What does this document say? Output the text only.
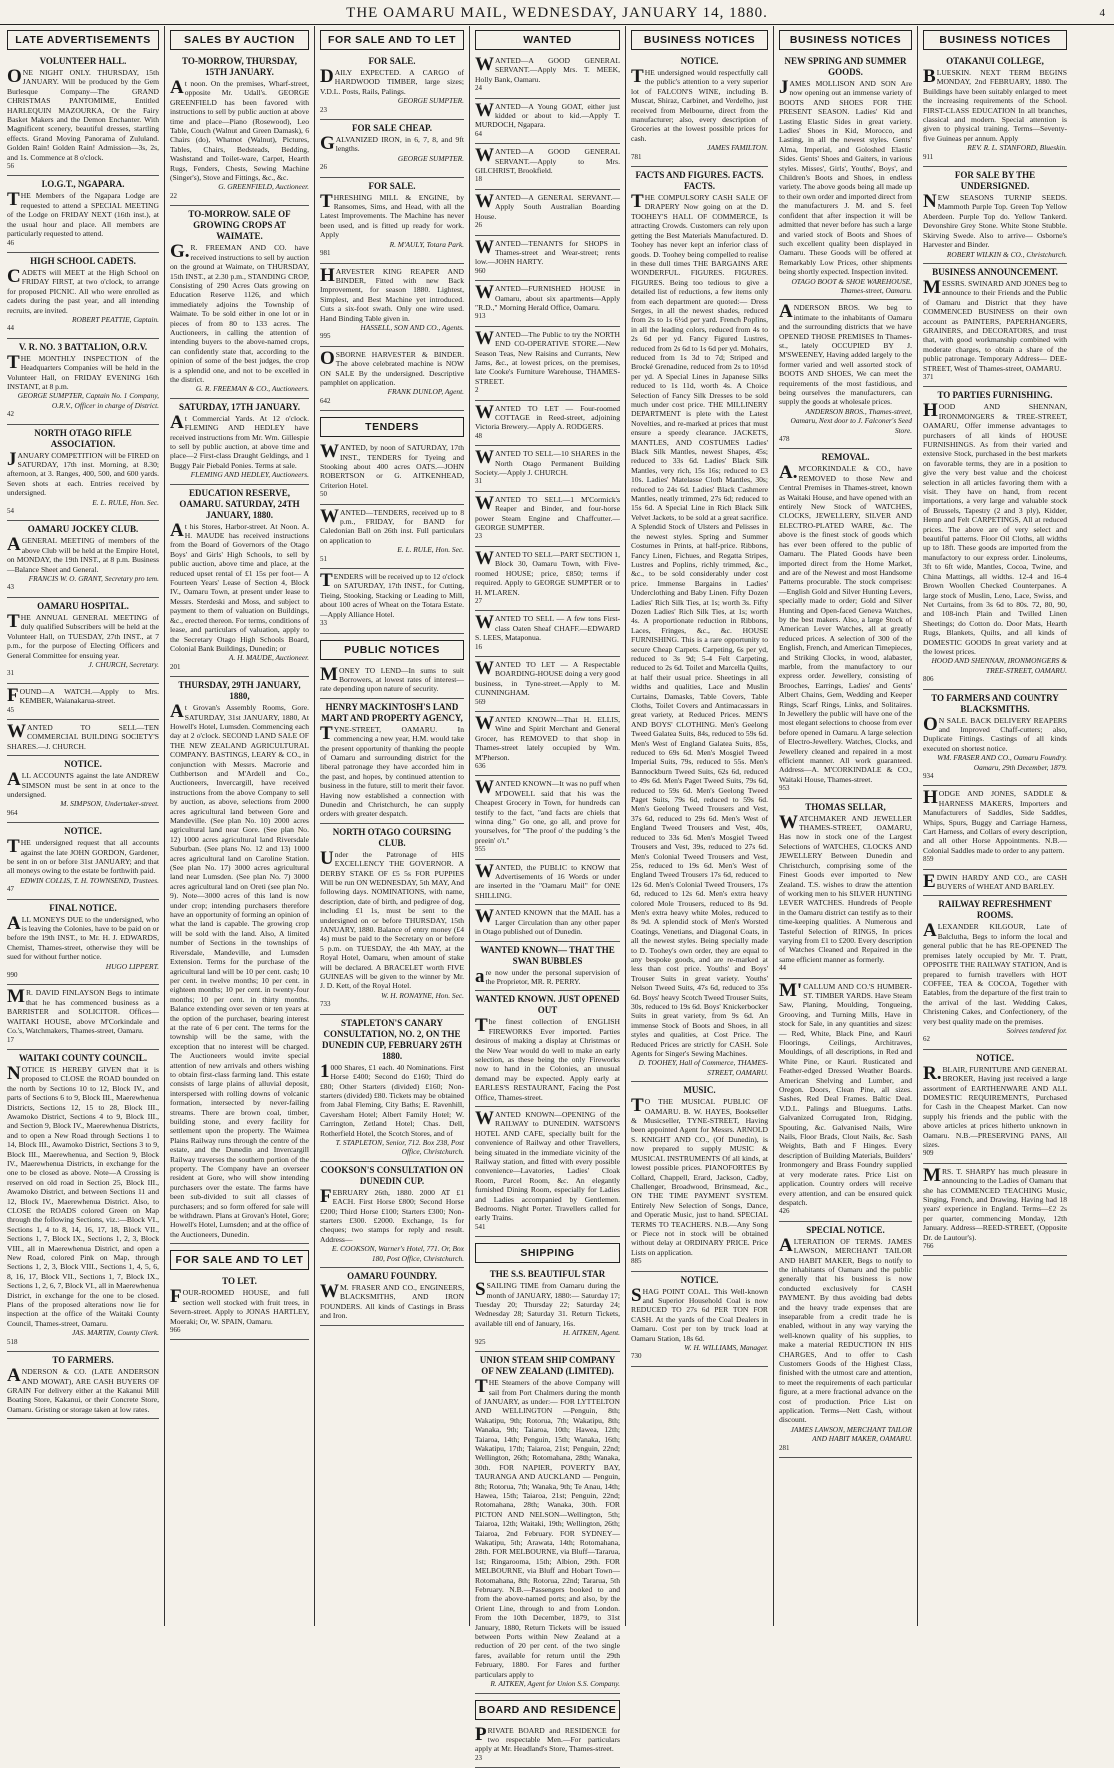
THE OAMARU MAIL, WEDNESDAY, JANUARY 14, 1880.	4
LATE ADVERTISEMENTS
VOLUNTEER HALL.
ONE NIGHT ONLY. THURSDAY, 15th JANUARY. Will be produced by the Gem Burlesque Company—The GRAND CHRISTMAS PANTOMIME, Entitled HARLEQUIN MAZOURKA, Or the Fairy Basket Makers and the Demon Enchanter. With Magnificent scenery, beautiful dresses, startling effects. Grand Moving Panorama of Zululand. Golden Rain! Golden Rain! Admission—3s, 2s, and 1s. Commence at 8 o'clock.
56
I.O.G.T., NGAPARA.
THE Members of the Ngapara Lodge are requested to attend a SPECIAL MEETING of the Lodge on FRIDAY NEXT (16th inst.), at the usual hour and place. All members are particularly requested to attend.
46
HIGH SCHOOL CADETS.
CADETS will MEET at the High School on FRIDAY FIRST, at two o'clock, to arrange for proposed PICNIC. All who were enrolled as cadets during the past year, and all intending recruits, are invited.
ROBERT PEATTIE, Captain.
44
V. R. NO. 3 BATTALION, O.R.V.
THE MONTHLY INSPECTION of the Headquarters Companies will be held in the Volunteer Hall, on FRIDAY EVENING 16th INSTANT, at 8 p.m.
GEORGE SUMPTER, Captain No. 1 Company, O.R.V., Officer in charge of District.
42
NORTH OTAGO RIFLE ASSOCIATION.
JANUARY COMPETITION will be FIRED on SATURDAY, 17th inst. Morning, at 8.30; afternoon, at 3. Ranges, 400, 500, and 600 yards. Seven shots at each. Entries received by undersigned.
E. L. RULE, Hon. Sec.
54
OAMARU JOCKEY CLUB.
AGENERAL MEETING of members of the above Club will be held at the Empire Hotel, on MONDAY, the 19th INST., at 8 p.m. Business—Balance Sheet and General.
FRANCIS W. O. GRANT, Secretary pro tem.
43
OAMARU HOSPITAL.
THE ANNUAL GENERAL MEETING of duly qualified Subscribers will be held at the Volunteer Hall, on TUESDAY, 27th INST., at 7 p.m., for the purpose of Electing Officers and General Committee for ensuing year.
J. CHURCH, Secretary.
31
FOUND—A WATCH.—Apply to Mrs. KEMBER, Waianakarua-street.
45
WANTED TO SELL—TEN COMMERCIAL BUILDING SOCIETY'S SHARES.—J. CHURCH.
NOTICE.
ALL ACCOUNTS against the late ANDREW SIMSON must be sent in at once to the undersigned.
M. SIMPSON, Undertaker-street.
964
NOTICE.
THE undersigned request that all accounts against the late JOHN GORDON, Gardener, be sent in on or before 31st JANUARY; and that all moneys owing to the estate be forthwith paid.
EDWIN COLLIS, T. H. TOWNSEND, Trustees.
47
FINAL NOTICE.
ALL MONEYS DUE to the undersigned, who is leaving the Colonies, have to be paid on or before the 19th INST., to Mr. H. J. EDWARDS, Chemist, Thames-street, otherwise they will be sued for without further notice.
HUGO LIPPERT.
990
MR. DAVID FINLAYSON Begs to intimate that he has commenced business as a BARRISTER and SOLICITOR. Offices—WAITAKI HOUSE, above M'Corkindale and Co.'s, Watchmakers, Thames-street, Oamaru.
17
WAITAKI COUNTY COUNCIL.
NOTICE IS HEREBY GIVEN that it is proposed to CLOSE the ROAD bounded on the north by Sections 10 to 12, Block IV., and parts of Sections 6 to 9, Block III., Maerewhenua Districts, Sections 12, 15 to 28, Block III., Awamoko District, Sections 4 to 9, Block III., and Section 9, Block IV., Maerewhenua Districts, and to open a New Road through Sections 1 to 14, Block III., Awamoko District, Sections 3 to 9, Block III., Maerewhenua, and Section 9, Block IV., Maerewhenua Districts, in exchange for the one to be closed as above. Note—A Crossing is reserved on old road in Section 25, Block III., Awamoko District, and between Sections 11 and 12, Block IV., Maerewhenua District. Also, to CLOSE the ROADS colored Green on Map through the following Sections, viz.:—Block VI., Sections 1, 4 to 8, 14, 16, 17, 18, Block VII., Sections 1, 7, Block IX., Sections 1, 2, 3, Block VIII., all in Maerewhenua District, and open a New Road, colored Pink on Map, through Sections 1, 2, 3, Block VIII., Sections 1, 4, 5, 6, 8, 16, 17, Block VII., Sections 1, 7, Block IX., Sections 1, 2, 6, 7, Block VI., all in Maerewhenua District, in exchange for the one to be closed. Plans of the proposed alterations now lie for inspection at the office of the Waitaki County Council, Thames-street, Oamaru.
JAS. MARTIN, County Clerk.
518
TO FARMERS.
ANDERSON & CO. (LATE ANDERSON AND MOWAT), ARE CASH BUYERS OF GRAIN For delivery either at the Kakanui Mill Boating Store, Kakanui, or their Concrete Store, Oamaru. Gristing or storage taken at low rates.
SALES BY AUCTION
TO-MORROW, THURSDAY, 15TH JANUARY.
At noon. On the premises, Wharf-street, opposite Mr. Udall's. GEORGE GREENFIELD has been favored with instructions to sell by public auction at above time and place—Piano (Rosewood), Leo Table, Couch (Walnut and Green Damask), 6 Chairs (do), Whatnot (Walnut), Pictures, Tables, Chairs, Bedsteads, Bedding, Washstand and Toilet-ware, Carpet, Hearth Rugs, Fenders, Chests, Sewing Machine (Singer's), Stove and Fittings, &c., &c.
G. GREENFIELD, Auctioneer.
22
TO-MORROW. SALE OF GROWING CROPS AT WAIMATE.
G.R. FREEMAN AND CO. have received instructions to sell by auction on the ground at Waimate, on THURSDAY, 15th INST., at 2.30 p.m., STANDING CROP, Consisting of 290 Acres Oats growing on Education Reserve 1126, and which immediately adjoins the Township of Waimate. To be sold either in one lot or in pieces of from 80 to 133 acres. The Auctioneers, in calling the attention of intending buyers to the above-named crops, can confidently state that, according to the opinion of some of the best judges, the crop is a splendid one, and not to be excelled in the district.
G. R. FREEMAN & CO., Auctioneers.
SATURDAY, 17TH JANUARY.
At Commercial Yards. At 12 o'clock. FLEMING AND HEDLEY have received instructions from Mr. Wm. Gillespie to sell by public auction, at above time and place—2 First-class Draught Geldings, and 1 Buggy Pair Piebald Ponies. Terms at sale.
FLEMING AND HEDLEY, Auctioneers.
EDUCATION RESERVE, OAMARU. SATURDAY, 24TH JANUARY, 1880.
At his Stores, Harbor-street. At Noon. A. H. MAUDE has received instructions from the Board of Governors of the Otago Boys' and Girls' High Schools, to sell by public auction, above time and place, at the reduced upset rental of £1 15s per foot— A Fourteen Years' Lease of Section 4, Block IV., Oamaru Town, at present under lease to Messrs. Sterdeski and Moss, and subject to payment to them of valuation on Buildings, &c., erected thereon. For terms, conditions of lease, and particulars of valuation, apply to the Secretary Otago High Schools Board, Colonial Bank Buildings, Dunedin; or
A. H. MAUDE, Auctioneer.
201
THURSDAY, 29TH JANUARY, 1880,
At Grovan's Assembly Rooms, Gore. SATURDAY, 31st JANUARY, 1880, At Howell's Hotel, Lumsden. Commencing each day at 2 o'clock. SECOND LAND SALE OF THE NEW ZEALAND AGRICULTURAL COMPANY. BASTINGS, LEARY & CO., in conjunction with Messrs. Macrorie and Cuthbertson and M'Ardell and Co., Auctioneers, Invercargill, have received instructions from the above Company to sell by auction, as above, selections from 2000 acres agricultural land between Gore and Mandeville. (See plan No. 10) 2000 acres agricultural land near Gore. (See plan No. 12) 1000 acres agricultural land Riversdale Suburban. (See plans No. 12 and 13) 1000 acres agricultural land on Caroline Station. (See plan No. 17) 3000 acres agricultural land near Lumsden. (See plan No. 7) 3000 acres agricultural land on Oreti (see plan No. 9). Note—3000 acres of this land is now under crop; intending purchasers therefore have an opportunity of forming an opinion of what the land is capable. The growing crop will be sold with the land. Also, A limited number of Sections in the townships of Riversdale, Mandeville, and Lumsden Extension. Terms for the purchase of the agricultural land will be 10 per cent. cash; 10 per cent. in twelve months; 10 per cent. in eighteen months; 10 per cent. in twenty-four months; 10 per cent. in thirty months. Balance extending over seven or ten years at the option of the purchaser, bearing interest at the rate of 6 per cent. The terms for the township will be the same, with the exception that no interest will be charged. The Auctioneers would invite special attention of new arrivals and others wishing to obtain first-class farming land. This estate consists of large plains of alluvial deposit, interspersed with rolling downs of volcanic formation, intersected by never-failing streams. There are brown coal, timber, building stone, and every facility for settlement upon the property. The Waimea Plains Railway runs through the centre of the estate, and the Dunedin and Invercargill Railway traverses the southern portion of the property. The Company have an overseer resident at Gore, who will show intending purchasers over the estate. The farms have been sub-divided to suit all classes of purchasers; and so form offered for sale will be withdrawn. Plans at Grovan's Hotel, Gore; Howell's Hotel, Lumsden; and at the office of the Auctioneers, Dunedin.
FOR SALE AND TO LET
TO LET.
FOUR-ROOMED HOUSE, and full section well stocked with fruit trees, in Severn-street. Apply to JONAS HARTLEY, Moeraki; Or, W. SPAIN, Oamaru.
966
FOR SALE AND TO LET
FOR SALE.
DAILY EXPECTED. A CARGO of HARDWOOD TIMBER, large sizes; V.D.L. Posts, Rails, Palings.
GEORGE SUMPTER.
23
FOR SALE CHEAP.
GALVANIZED IRON, in 6, 7, 8, and 9ft lengths.
GEORGE SUMPTER.
26
FOR SALE.
THRESHING MILL & ENGINE, by Ransomes, Sims, and Head, with all the Latest Improvements. The Machine has never been used, and is fitted up ready for work. Apply
R. M'AULY, Totara Park.
981
HARVESTER KING REAPER AND BINDER, Fitted with new Back Improvement, for season 1880. Lightest, Simplest, and Best Machine yet introduced. Cuts a six-foot swath. Only one wire used. Hand Binding Table given in.
HASSELL, SON AND CO., Agents.
995
OSBORNE HARVESTER & BINDER. The above celebrated machine is NOW ON SALE By the undersigned. Descriptive pamphlet on application.
FRANK DUNLOP, Agent.
642
TENDERS
WANTED, by noon of SATURDAY, 17th INST., TENDERS for Tyeing and Stooking about 400 acres OATS.—JOHN ROBERTSON or G. AITKENHEAD, Criterion Hotel.
50
WANTED—TENDERS, received up to 8 p.m., FRIDAY, for BAND for Caledonian Ball on 26th inst. Full particulars on application to
E. L. RULE, Hon. Sec.
51
TENDERS will be received up to 12 o'clock on SATURDAY, 17th INST., for Cutting, Tieing, Stooking, Stacking or Leading to Mill, about 100 acres of Wheat on the Totara Estate.—Apply Alliance Hotel.
33
PUBLIC NOTICES
MONEY TO LEND—In sums to suit Borrowers, at lowest rates of interest—rate depending upon nature of security.
HENRY MACKINTOSH'S LAND MART AND PROPERTY AGENCY,
TYNE-STREET, OAMARU. In commencing a new year, H.M. would take the present opportunity of thanking the people of Oamaru and surrounding district for the liberal patronage they have accorded him in the past, and hopes, by continued attention to business in the future, still to merit their favor. Having now established a connection with Dunedin and Christchurch, he can supply orders with greater despatch.
NORTH OTAGO COURSING CLUB.
Under the Patronage of HIS EXCELLENCY THE GOVERNOR. A DERBY STAKE OF £5 5s FOR PUPPIES Will be run ON WEDNESDAY, 5th MAY, And following days. NOMINATIONS, with name, description, date of birth, and pedigree of dog, including £1 1s, must be sent to the undersigned on or before THURSDAY, 15th JANUARY, 1880. Balance of entry money (£4 4s) must be paid to the Secretary on or before 5 p.m. on TUESDAY, the 4th MAY, at the Royal Hotel, Oamaru, when amount of stake will be declared. A BRACELET worth FIVE GUINEAS will be given to the winner by Mr. J. D. Kett, of the Royal Hotel.
W. H. RONAYNE, Hon. Sec.
733
STAPLETON'S CANARY CONSULTATION, NO. 2, ON THE DUNEDIN CUP, FEBRUARY 26TH 1880.
1000 Shares, £1 each. 40 Nominations. First Horse £400; Second do £160; Third do £80; Other Starters (divided) £160; Non-starters (divided) £80. Tickets may be obtained from Jabal Fleming, City Baths; E. Ravenhill, Caversham Hotel; Albert Family Hotel; W. Carrington, Zetland Hotel; Chas. Dell, Rotherfield Hotel, the Scotch Stores, and of
T. STAPLETON, Senior, 712. Box 238, Post Office, Christchurch.
COOKSON'S CONSULTATION ON DUNEDIN CUP.
FEBRUARY 26th, 1880. 2000 AT £1 EACH. First Horse £800; Second Horse £200; Third Horse £100; Starters £300; Non-starters £300. £2000. Exchange, 1s for cheques; two stamps for reply and result. Address—
E. COOKSON, Warner's Hotel, 771. Or, Box 180, Post Office, Christchurch.
OAMARU FOUNDRY.
WM. FRASER AND CO., ENGINEERS, BLACKSMITHS, AND IRON FOUNDERS. All kinds of Castings in Brass and Iron.
WANTED
WANTED—A GOOD GENERAL SERVANT.—Apply Mrs. T. MEEK, Holly Bank, Oamaru.
24
WANTED—A Young GOAT, either just kidded or about to kid.—Apply T. MURDOCH, Ngapara.
64
WANTED—A GOOD GENERAL SERVANT.—Apply to Mrs. GILCHRIST, Brookfield.
18
WANTED—A GENERAL SERVANT.—Apply South Australian Boarding House.
26
WANTED—TENANTS for SHOPS in Thames-street and Wear-street; rents low.—JOHN HARTY.
960
WANTED—FURNISHED HOUSE in Oamaru, about six apartments—Apply "R.D.," Morning Herald Office, Oamaru.
913
WANTED—The Public to try the NORTH END CO-OPERATIVE STORE.—New Season Teas, New Raisins and Currants, New Jams, &c., at lowest prices, on the premises, late Cooke's Furniture Warehouse, THAMES-STREET.
2
WANTED TO LET — Four-roomed COTTAGE in Reed-street, adjoining Victoria Brewery.—Apply A. RODGERS.
48
WANTED TO SELL—10 SHARES in the North Otago Permanent Building Society.—Apply J. CHURCH.
31
WANTED TO SELL—1 M'Cormick's Reaper and Binder, and four-horse power Steam Engine and Chaffcutter.—GEORGE SUMPTER.
23
WANTED TO SELL—PART SECTION 1, Block 30, Oamaru Town, with Five-roomed HOUSE; price, £850; terms if required. Apply to GEORGE SUMPTER or to H. M'LAREN.
27
WANTED TO SELL — A few tons First-class Oaten Sheaf CHAFF.—EDWARD S. LEES, Mataponua.
16
WANTED TO LET — A Respectable BOARDING-HOUSE doing a very good business, in Tyne-street.—Apply to M. CUNNINGHAM.
569
WANTED KNOWN—That H. ELLIS, Wine and Spirit Merchant and General Grocer, has REMOVED to that shop in Thames-street lately occupied by Wm. M'Pherson.
636
WANTED KNOWN—It was no puff when M'DOWELL said that his was the Cheapest Grocery in Town, for hundreds can testify to the fact, "and facts are chiels that winna ding." Go one, go all, and prove for yourselves, for "The proof o' the pudding 's the preein' o't."
955
WANTED, the PUBLIC to KNOW that Advertisements of 16 Words or under are inserted in the "Oamaru Mail" for ONE SHILLING.
WANTED KNOWN that the MAIL has a Larger Circulation than any other paper in Otago published out of Dunedin.
WANTED KNOWN— THAT THE SWAN BUBBLES
are now under the personal supervision of the Proprietor, MR. R. PERRY.
WANTED KNOWN. JUST OPENED OUT
The finest collection of ENGLISH FIREWORKS Ever imported. Parties desirous of making a display at Christmas or the New Year would do well to make an early selection, as these being the only Fireworks now to hand in the Colonies, an unusual demand may be expected. Apply early at EARLES'S RESTAURANT, Facing the Post Office, Thames-street.
WANTED KNOWN—OPENING of the RAILWAY to DUNEDIN. WATSON'S HOTEL AND CAFE, specially built for the convenience of Railway and other Travellers, being situated in the immediate vicinity of the Railway station, and fitted with every possible convenience—Lavatories, Ladies' Cloak Room, Parcel Room, &c. An elegantly furnished Dining Room, especially for Ladies and Ladies accompanied by Gentlemen. Bedrooms. Night Porter. Travellers called for early Trains.
541
SHIPPING
THE S.S. BEAUTIFUL STAR
SSAILING TIME from Oamaru during the month of JANUARY, 1880:— Saturday 17; Tuesday 20; Thursday 22; Saturday 24; Wednesday 28; Saturday 31. Return Tickets, available till end of January, 16s.
H. AITKEN, Agent.
925
UNION STEAM SHIP COMPANY OF NEW ZEALAND (LIMITED).
THE Steamers of the above Company will sail from Port Chalmers during the month of JANUARY, as under:— FOR LYTTELTON AND WELLINGTON —Penguin, 8th; Wakatipu, 9th; Rotorua, 7th; Wakatipu, 8th; Wanaka, 9th; Taiaroa, 10th; Hawea, 12th; Taiaroa, 14th; Penguin, 15th; Wanaka, 16th; Wakatipu, 17th; Taiaroa, 21st; Penguin, 22nd; Wellington, 26th; Rotomahana, 28th; Wanaka, 30th. FOR NAPIER, POVERTY BAY, TAURANGA AND AUCKLAND — Penguin, 8th; Rotorua, 7th; Wanaka, 9th; Te Anau, 14th; Hawea, 15th; Taiaroa, 21st; Penguin, 22nd; Rotomahana, 28th; Wanaka, 30th. FOR PICTON AND NELSON—Wellington, 5th; Taiaroa, 12th; Waitaki, 19th; Wellington, 26th; Taiaroa, 2nd February. FOR SYDNEY—Wakatipu, 5th; Arawata, 14th; Rotomahana, 28th. FOR MELBOURNE, via Bluff—Tararua, 1st; Ringarooma, 15th; Albion, 29th. FOR MELBOURNE, via Bluff and Hobart Town—Rotomahana, 8th; Rotorua, 22nd; Tararua, 5th February. N.B.—Passengers booked to and from the above-named ports; and also, by the Orient Line, through to and from London. From the 10th December, 1879, to 31st January, 1880, Return Tickets will be issued between Ports within New Zealand at a reduction of 20 per cent. of the two single fares, available for return until the 29th February, 1880. For Fares and further particulars apply to
R. AITKEN, Agent for Union S.S. Company.
BOARD AND RESIDENCE
PRIVATE BOARD and RESIDENCE for two respectable Men.—For particulars apply at Mr. Headland's Store, Thames-street.
23
BUSINESS NOTICES
NOTICE.
THE undersigned would respectfully call the public's attention to a very superior lot of FALCON'S WINE, including B. Muscat, Shiraz, Carbinet, and Verdelho, just received from Melbourne, direct from the manufacturer; also, every description of Groceries at the lowest possible prices for cash.
JAMES FAMILTON.
781
FACTS AND FIGURES. FACTS. FACTS.
THE COMPULSORY CASH SALE OF DRAPERY Now going on at the D. TOOHEY'S HALL OF COMMERCE, Is attracting Crowds. Customers can rely upon getting the Best Materials Manufactured. D. Toohey has never kept an inferior class of goods. D. Toohey being compelled to realise in these dull times THE BARGAINS ARE WONDERFUL. FIGURES. FIGURES. FIGURES. Being too tedious to give a detailed list of reductions, a few items only from each department are quoted:— Dress Serges, in all the newest shades, reduced from 2s to 1s 6½d per yard. French Poplins, in all the leading colors, reduced from 4s to 2s 6d per yd. Fancy Figured Lustres, reduced from 2s 6d to 1s 6d per yd. Mohairs, reduced from 1s 3d to 7d; Striped and Brocké Grenadine, reduced from 2s to 10½d per yd. A Special Lines in Japanese Silks reduced to 1s 11d, worth 4s. A Choice Selection of Fancy Silk Dresses to be sold much under cost price. THE MILLINERY DEPARTMENT is plete with the Latest Novelties, and re-marked at prices that must ensure a speedy clearance. JACKETS, MANTLES, AND COSTUMES Ladies' Black Silk Mantles, newest Shapes, 45s; reduced to 33s 6d. Ladies' Black Silk Mantles, very rich, 15s 16s; reduced to £3 10s. Ladies' Matelasse Cloth Mantles, 30s; reduced to 24s 6d. Ladies' Black Cashmere Mantles, neatly trimmed, 27s 6d; reduced to 15s 6d. A Special Line in Rich Black Silk Velvet Jackets, to be sold at a great sacrifice. A Splendid Stock of Ulsters and Pelisses in the newest styles. Spring and Summer Costumes in Prints, at half-price. Ribbons, Fancy Linen, Fichues, and Regatta Stripes, Lustres and Poplins, richly trimmed, &c., &c., to be sold considerably under cost price. Immense Bargains in Ladies' Underclothing and Baby Linen. Fifty Dozen Ladies' Rich Silk Ties, at 1s; worth 3s. Fifty Dozen Ladies' Rich Silk Ties, at 1s; worth 4s. A proportionate reduction in Ribbons, Laces, Fringes, &c., &c. HOUSE FURNISHING. This is a rare opportunity to secure Cheap Carpets. Carpeting, 6s per yd, reduced to 3s 9d; 5-4 Felt Carpeting, reduced to 2s 6d. Toilet and Marcella Quilts, at half their usual price. Sheetings in all widths and qualities, Lace and Muslin Curtains, Damasks, Table Covers, Table Cloths, Toilet Covers and Antimacassars in great variety, at Reduced Prices. MEN'S AND BOYS' CLOTHING. Men's Geelong Tweed Galatea Suits, 84s, reduced to 59s 6d. Men's West of England Galatea Suits, 85s, reduced to 69s 6d. Men's Mosgiel Tweed Imperial Suits, 79s, reduced to 55s. Men's Bannockburn Tweed Suits, 62s 6d, reduced to 49s 6d. Men's Paget Tweed Suits, 79s 6d, reduced to 59s 6d. Men's Geelong Tweed Paget Suits, 79s 6d, reduced to 59s 6d. Men's Geelong Tweed Trousers and Vest, 37s 6d, reduced to 29s 6d. Men's West of England Tweed Trousers and Vest, 40s, reduced to 33s 6d. Men's Mosgiel Tweed Trousers and Vest, 39s, reduced to 27s 6d. Men's Colonial Tweed Trousers and Vest, 25s, reduced to 19s 6d. Men's West of England Tweed Trousers 17s 6d, reduced to 12s 6d. Men's Colonial Tweed Trousers, 17s 6d, reduced to 12s 6d. Men's extra heavy colored Mole Trousers, reduced to 8s 9d. Men's extra heavy white Moles, reduced to 8s 9d. A splendid stock of Men's Worsted Coatings, Venetians, and Diagonal Coats, in all the newest styles. Being specially made to D. Toohey's own order, they are equal to any bespoke goods, and are re-marked at less than cost price. Youths' and Boys' Trouser Suits in great variety. Youths' Nelson Tweed Suits, 47s 6d, reduced to 35s 6d. Boys' heavy Scotch Tweed Trouser Suits, 30s, reduced to 19s 6d. Boys' Knickerbocker Suits in great variety, from 9s 6d. An immense Stock of Boots and Shoes, in all styles and qualities, at Cost Price. The Reduced Prices are strictly for CASH. Sole Agents for Singer's Sewing Machines.
D. TOOHEY, Hall of Commerce, THAMES-STREET, OAMARU.
MUSIC.
TO THE MUSICAL PUBLIC OF OAMARU. B. W. HAYES, Bookseller & Musicseller, TYNE-STREET, Having been appointed Agent for Messrs. ARNOLD S. KNIGHT AND CO., (Of Dunedin), is now prepared to supply MUSIC & MUSICAL INSTRUMENTS Of all kinds, at lowest possible prices. PIANOFORTES By Collard, Chappell, Erard, Jackson, Cadby, Challenger, Broadwood, Brinsmead, &c., ON THE TIME PAYMENT SYSTEM. Entirely New Selection of Songs, Dance, and Operatic Music, just to hand. SPECIAL TERMS TO TEACHERS. N.B.—Any Song or Piece not in stock will be obtained without delay at ORDINARY PRICE. Price Lists on application.
885
NOTICE.
SHAG POINT COAL. This Well-known and Superior Household Coal is now REDUCED TO 27s 6d PER TON FOR CASH. At the yards of the Coal Dealers in Oamaru. Cost per ton by truck load at Oamaru Station, 18s 6d.
W. H. WILLIAMS, Manager.
730
BUSINESS NOTICES
NEW SPRING AND SUMMER GOODS.
JAMES MOLLISON AND SON Are now opening out an immense variety of BOOTS AND SHOES FOR THE PRESENT SEASON. Ladies' Kid and Lasting Elastic Sides in great variety. Ladies' Shoes in Kid, Morocco, and Lasting, in all the newest styles. Gents' Alma, Imperial, and Goloshed Elastic Sides. Gents' Shoes and Gaiters, in various styles. Misses', Girls', Youths', Boys', and Children's Boots and Shoes, in endless variety. The above goods being all made up to their own order and imported direct from the manufacturers J. M. and S. feel confident that after inspection it will be admitted that never before has such a large and varied stock of Boots and Shoes of such excellent quality been displayed in Oamaru. These Goods will be offered at Remarkably Low Prices, other shipments being shortly expected. Inspection invited.
OTAGO BOOT & SHOE WAREHOUSE, Thames-street, Oamaru.
ANDERSON BROS. We beg to intimate to the inhabitants of Oamaru and the surrounding districts that we have OPENED THOSE PREMISES In Thames-st., lately OCCUPIED BY J. M'SWEENEY, Having added largely to the former varied and well assorted stock of BOOTS AND SHOES, We can meet the requirements of the most fastidious, and being ourselves the manufacturers, can supply the goods at wholesale prices.
ANDERSON BROS., Thames-street, Oamaru, Next door to J. Falconer's Seed Store.
478
REMOVAL.
A.M'CORKINDALE & CO., have REMOVED to those New and Central Premises in Thames-street, known as Waitaki House, and have opened with an entirely New Stock of WATCHES, CLOCKS, JEWELLERY, SILVER AND ELECTRO-PLATED WARE, &c. The above is the finest stock of goods which has ever been offered to the public of Oamaru. The Plated Goods have been imported direct from the Home Market, and are of the Newest and most Handsome Patterns procurable. The stock comprises:—English Gold and Silver Hunting Levers, specially made to order; Gold and Silver Hunting and Open-faced Geneva Watches, by the best makers. Also, a large Stock of American Lever Watches, all at greatly reduced prices. A selection of 300 of the English, French, and American Timepieces, and Striking Clocks, in wood, alabaster, marble, from the manufactory to our express order. Jewellery, consisting of Brooches, Earrings, Ladies' and Gents' Albert Chains, Gem, Wedding and Keeper Rings, Scarf Rings, Links, and Solitaires. In Jewellery the public will have one of the most elegant selections to choose from ever before opened in Oamaru. A large selection of Electro-Jewellery. Watches, Clocks, and Jewellery cleaned and repaired in a most efficient manner. All work guaranteed. Address—A. M'CORKINDALE & CO., Waitaki House, Thames-street.
953
THOMAS SELLAR,
WATCHMAKER AND JEWELLER THAMES-STREET, OAMARU, Has now in stock one of the Largest Selections of WATCHES, CLOCKS AND JEWELLERY Between Dunedin and Christchurch, comprising some of the Finest Goods ever imported to New Zealand. T.S. wishes to draw the attention of working men to his SILVER HUNTING LEVER WATCHES. Hundreds of People in the Oamaru district can testify as to their time-keeping qualities. A Numerous and Tasteful Selection of RINGS, In prices varying from £1 to £200. Every description of Watches Cleaned and Repaired in the same efficient manner as formerly.
44
M'CALLUM AND CO.'S HUMBER-ST. TIMBER YARDS. Have Steam Saw, Planing, Moulding, Tongueing, Grooving, and Turning Mills, Have in stock for Sale, in any quantities and sizes:— Red, White, Black Pine, and Kauri Floorings, Ceilings, Architraves, Mouldings, of all descriptions, in Red and White Pine, or Kauri. Rusticated and Feather-edged Dressed Weather Boards. American Shelving and Lumber, and Oregon. Doors, Clean Pine, all sizes. Sashes, Red Deal Frames. Baltic Deal. V.D.L. Palings and Bluegums. Laths. Galvanized Corrugated Iron, Ridging, Spouting, &c. Galvanised Nails, Wire Nails, Floor Brads, Clout Nails, &c. Sash Weights, Bath and F Hinges. Every description of Building Materials, Builders' Ironmongery and Brass Foundry supplied at very moderate rates. Price List on application. Country orders will receive every attention, and can be ensured quick despatch.
426
SPECIAL NOTICE.
ALTERATION OF TERMS. JAMES LAWSON, MERCHANT TAILOR AND HABIT MAKER, Begs to notify to the inhabitants of Oamaru and the public generally that his business is now conducted exclusively for CASH PAYMENT. By thus avoiding bad debts and the heavy trade expenses that are inseparable from a credit trade he is enabled, without in any way varying the well-known quality of his supplies, to make a material REDUCTION IN HIS CHARGES, And to offer to Cash Customers Goods of the Highest Class, finished with the utmost care and attention, to meet the requirements of each particular figure, at a mere fractional advance on the cost of production. Price List on application. Terms—Nett Cash, without discount.
JAMES LAWSON, MERCHANT TAILOR AND HABIT MAKER, OAMARU.
281
BUSINESS NOTICES
OTAKANUI COLLEGE,
BLUESKIN. NEXT TERM BEGINS MONDAY, 2nd FEBRUARY, 1880. The Buildings have been suitably enlarged to meet the increasing requirements of the School. FIRST-CLASS EDUCATION In all branches, classical and modern. Special attention is given to physical training. Terms—Seventy-five Guineas per annum. Apply
REV. R. L. STANFORD, Blueskin.
911
FOR SALE BY THE UNDERSIGNED.
NEW SEASONS TURNIP SEEDS. Mammoth Purple Top. Green Top Yellow Aberdeen. Purple Top do. Yellow Tankerd. Devonshire Grey Stone. White Stone Stubble. Skirving Swede. Also to arrive— Osborne's Harvester and Binder.
ROBERT WILKIN & CO., Christchurch.
BUSINESS ANNOUNCEMENT.
MESSRS. SWINARD AND JONES beg to announce to their Friends and the Public of Oamaru and District that they have COMMENCED BUSINESS on their own account as PAINTERS, PAPERHANGERS, GRAINERS, and DECORATORS, and trust that, with good workmanship combined with moderate charges, to obtain a share of the public patronage. Temporary Address— DEE-STREET, West of Thames-street, OAMARU.
371
TO PARTIES FURNISHING.
HOOD AND SHENNAN, IRONMONGERS & TREE-STREET, OAMARU, Offer immense advantages to purchasers of all kinds of HOUSE FURNISHINGS. As from their varied and extensive Stock, purchased in the best markets on favorable terms, they are in a position to give the very best value and the choicest selection in all articles favoring them with a visit. They have on hand, from recent importations, a very large and valuable stock of Brussels, Tapestry (2 and 3 ply), Kidder, Hemp and Felt CARPETINGS, All at reduced prices. The above are of very select and beautiful patterns. Floor Oil Cloths, all widths up to 18ft. These goods are imported from the manufactory to our express order. Linoleums, 3ft to 6ft wide, Mantles, Cocoa, Twine, and China Mattings, all widths. 12-4 and 16-4 Brown Woollen Checked Counterpanes. A large stock of Muslin, Leno, Lace, Swiss, and Net Curtains, from 3s 6d to 80s. 72, 80, 90, and 108-inch Plain and Twilled Linen Sheetings; do Cotton do. Door Mats, Hearth Rugs, Blankets, Quilts, and all kinds of DOMESTIC GOODS In great variety and at the lowest prices.
HOOD AND SHENNAN, IRONMONGERS & TREE-STREET, OAMARU.
806
TO FARMERS AND COUNTRY BLACKSMITHS.
ON SALE. BACK DELIVERY REAPERS and Improved Chaff-cutters; also, Duplicate Fittings. Castings of all kinds executed on shortest notice.
WM. FRASER AND CO., Oamaru Foundry. Oamaru, 29th December, 1879.
934
HODGE AND JONES, SADDLE & HARNESS MAKERS, Importers and Manufacturers of Saddles, Side Saddles, Whips, Spurs, Buggy and Carriage Harness, Cart Harness, and Collars of every description, and all other Horse Appointments. N.B.—Colonial Saddles made to order to any pattern.
859
EDWIN HARDY AND CO., are CASH BUYERS of WHEAT AND BARLEY.
RAILWAY REFRESHMENT ROOMS.
ALEXANDER KILGOUR, Late of Balclutha, Begs to inform the local and general public that he has RE-OPENED The premises lately occupied by Mr. T. Pratt, OPPOSITE THE RAILWAY STATION, And is prepared to furnish travellers with HOT COFFEE, TEA & COCOA, Together with Eatables, from the departure of the first train to the arrival of the last. Wedding Cakes, Christening Cakes, and Confectionery, of the very best quality made on the premises.
Soirees tendered for.
62
NOTICE.
R.BLAIR, FURNITURE AND GENERAL BROKER, Having just received a large assortment of EARTHENWARE AND ALL DOMESTIC REQUIREMENTS, Purchased for Cash in the Cheapest Market. Can now supply his friends and the public with the above articles at prices hitherto unknown in Oamaru. N.B.—PRESERVING PANS, All sizes.
909
MRS. T. SHARPY has much pleasure in announcing to the Ladies of Oamaru that she has COMMENCED TEACHING Music, Singing, French, and Drawing. Having had 18 years' experience in England. Terms—£2 2s per quarter, commencing Monday, 12th January. Address—REED-STREET, (Opposite Dr. de Lautour's).
766
